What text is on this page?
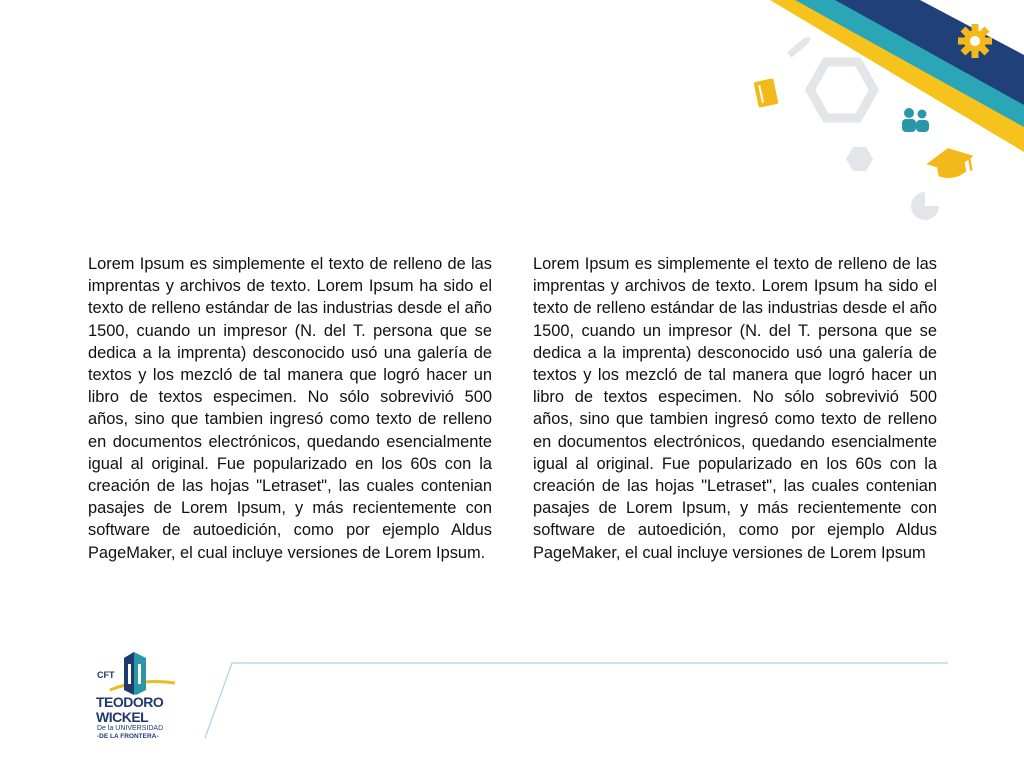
Lorem Ipsum es simplemente el texto de relleno de las imprentas y archivos de texto. Lorem Ipsum ha sido el texto de relleno estándar de las industrias desde el año 1500, cuando un impresor (N. del T. persona que se dedica a la imprenta) desconocido usó una galería de textos y los mezcló de tal manera que logró hacer un libro de textos especimen. No sólo sobrevivió 500 años, sino que tambien ingresó como texto de relleno en documentos electrónicos, quedando esencialmente igual al original. Fue popularizado en los 60s con la creación de las hojas "Letraset", las cuales contenian pasajes de Lorem Ipsum, y más recientemente con software de autoedición, como por ejemplo Aldus PageMaker, el cual incluye versiones de Lorem Ipsum.
Lorem Ipsum es simplemente el texto de relleno de las imprentas y archivos de texto. Lorem Ipsum ha sido el texto de relleno estándar de las industrias desde el año 1500, cuando un impresor (N. del T. persona que se dedica a la imprenta) desconocido usó una galería de textos y los mezcló de tal manera que logró hacer un libro de textos especimen. No sólo sobrevivió 500 años, sino que tambien ingresó como texto de relleno en documentos electrónicos, quedando esencialmente igual al original. Fue popularizado en los 60s con la creación de las hojas "Letraset", las cuales contenian pasajes de Lorem Ipsum, y más recientemente con software de autoedición, como por ejemplo Aldus PageMaker, el cual incluye versiones de Lorem Ipsum
CFT
TEODORO
WICKEL
De la UNIVERSIDAD
-DE LA FRONTERA-
